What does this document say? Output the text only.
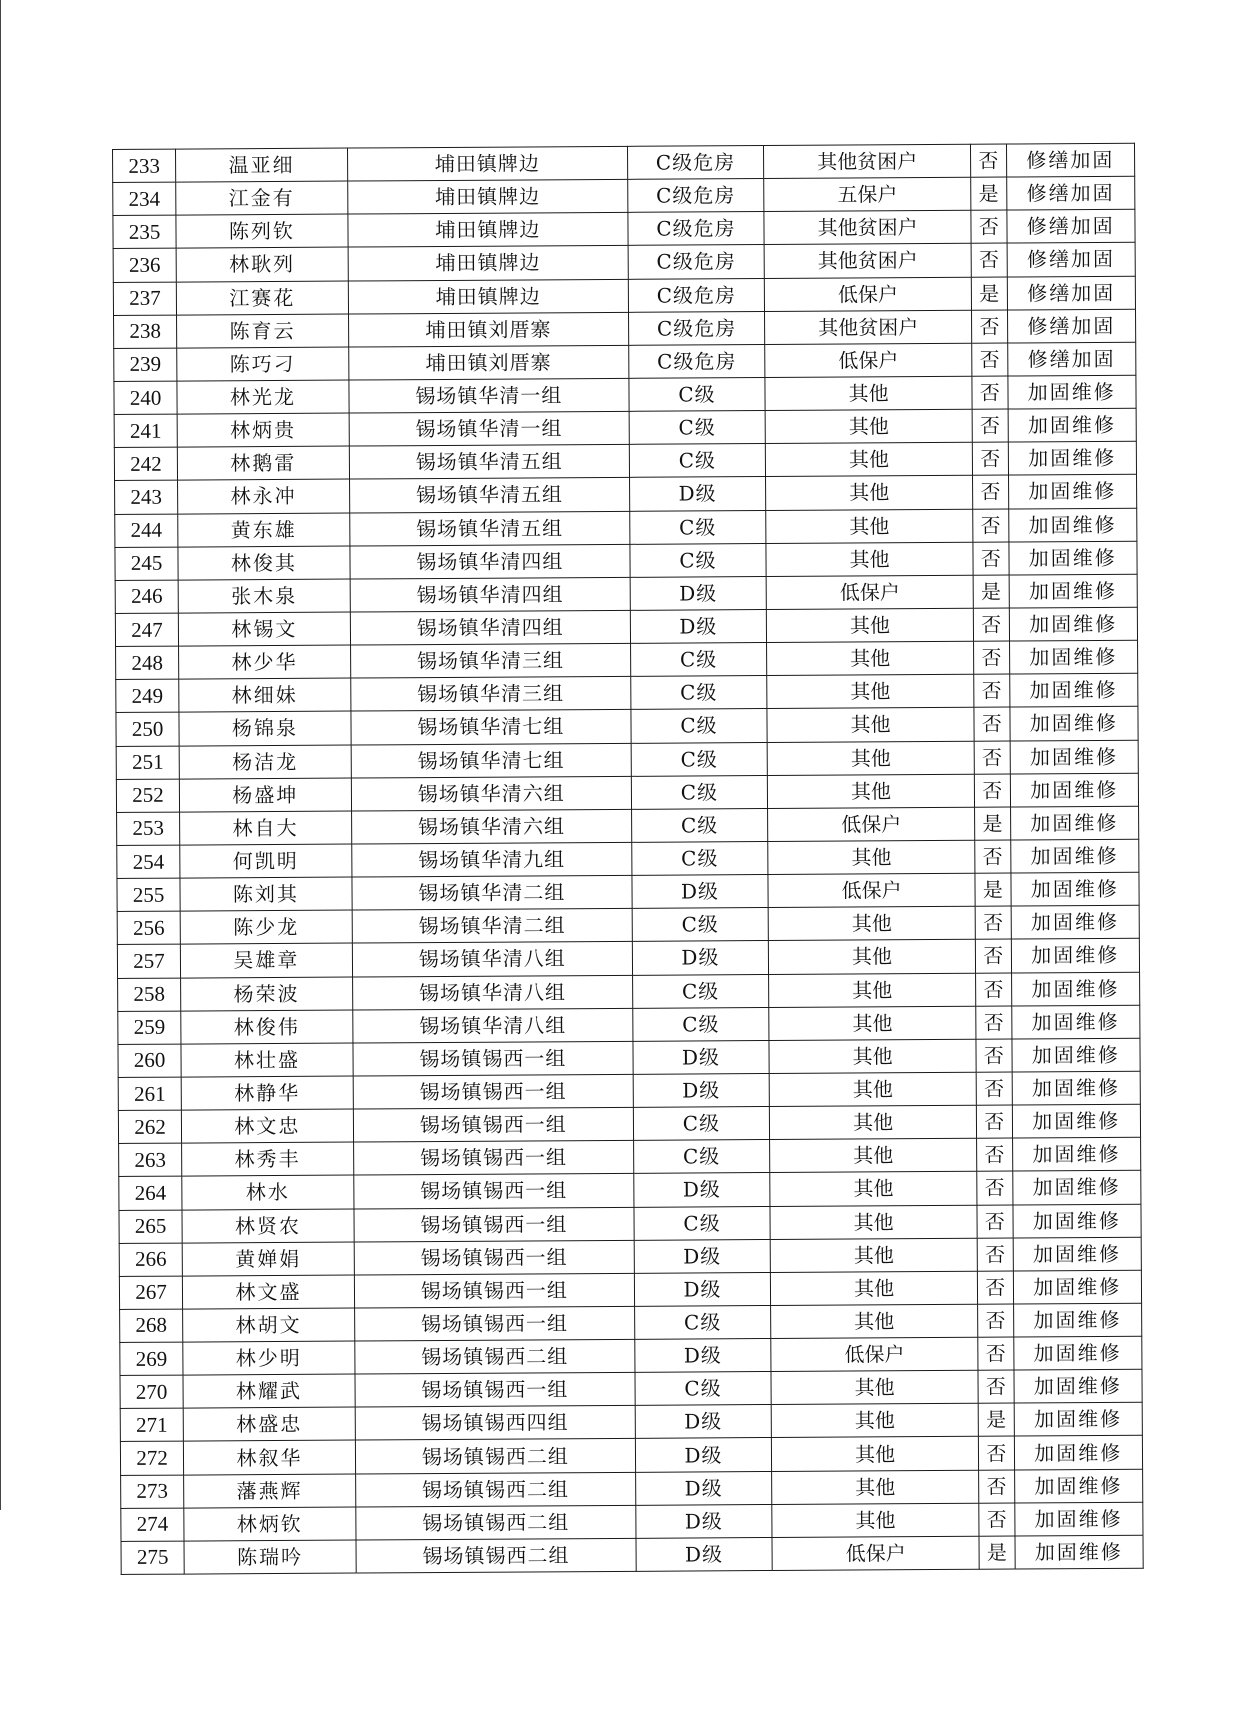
233	温亚细	埔田镇牌边	C级危房	其他贫困户	否	修缮加固
234	江金有	埔田镇牌边	C级危房	五保户	是	修缮加固
235	陈列钦	埔田镇牌边	C级危房	其他贫困户	否	修缮加固
236	林耿列	埔田镇牌边	C级危房	其他贫困户	否	修缮加固
237	江赛花	埔田镇牌边	C级危房	低保户	是	修缮加固
238	陈育云	埔田镇刘厝寨	C级危房	其他贫困户	否	修缮加固
239	陈巧刁	埔田镇刘厝寨	C级危房	低保户	否	修缮加固
240	林光龙	锡场镇华清一组	C级	其他	否	加固维修
241	林炳贵	锡场镇华清一组	C级	其他	否	加固维修
242	林鹅雷	锡场镇华清五组	C级	其他	否	加固维修
243	林永冲	锡场镇华清五组	D级	其他	否	加固维修
244	黄东雄	锡场镇华清五组	C级	其他	否	加固维修
245	林俊其	锡场镇华清四组	C级	其他	否	加固维修
246	张木泉	锡场镇华清四组	D级	低保户	是	加固维修
247	林锡文	锡场镇华清四组	D级	其他	否	加固维修
248	林少华	锡场镇华清三组	C级	其他	否	加固维修
249	林细妹	锡场镇华清三组	C级	其他	否	加固维修
250	杨锦泉	锡场镇华清七组	C级	其他	否	加固维修
251	杨洁龙	锡场镇华清七组	C级	其他	否	加固维修
252	杨盛坤	锡场镇华清六组	C级	其他	否	加固维修
253	林自大	锡场镇华清六组	C级	低保户	是	加固维修
254	何凯明	锡场镇华清九组	C级	其他	否	加固维修
255	陈刘其	锡场镇华清二组	D级	低保户	是	加固维修
256	陈少龙	锡场镇华清二组	C级	其他	否	加固维修
257	吴雄章	锡场镇华清八组	D级	其他	否	加固维修
258	杨荣波	锡场镇华清八组	C级	其他	否	加固维修
259	林俊伟	锡场镇华清八组	C级	其他	否	加固维修
260	林壮盛	锡场镇锡西一组	D级	其他	否	加固维修
261	林静华	锡场镇锡西一组	D级	其他	否	加固维修
262	林文忠	锡场镇锡西一组	C级	其他	否	加固维修
263	林秀丰	锡场镇锡西一组	C级	其他	否	加固维修
264	林水	锡场镇锡西一组	D级	其他	否	加固维修
265	林贤农	锡场镇锡西一组	C级	其他	否	加固维修
266	黄婵娟	锡场镇锡西一组	D级	其他	否	加固维修
267	林文盛	锡场镇锡西一组	D级	其他	否	加固维修
268	林胡文	锡场镇锡西一组	C级	其他	否	加固维修
269	林少明	锡场镇锡西二组	D级	低保户	否	加固维修
270	林耀武	锡场镇锡西一组	C级	其他	否	加固维修
271	林盛忠	锡场镇锡西四组	D级	其他	是	加固维修
272	林叙华	锡场镇锡西二组	D级	其他	否	加固维修
273	藩燕辉	锡场镇锡西二组	D级	其他	否	加固维修
274	林炳钦	锡场镇锡西二组	D级	其他	否	加固维修
275	陈瑞吟	锡场镇锡西二组	D级	低保户	是	加固维修
